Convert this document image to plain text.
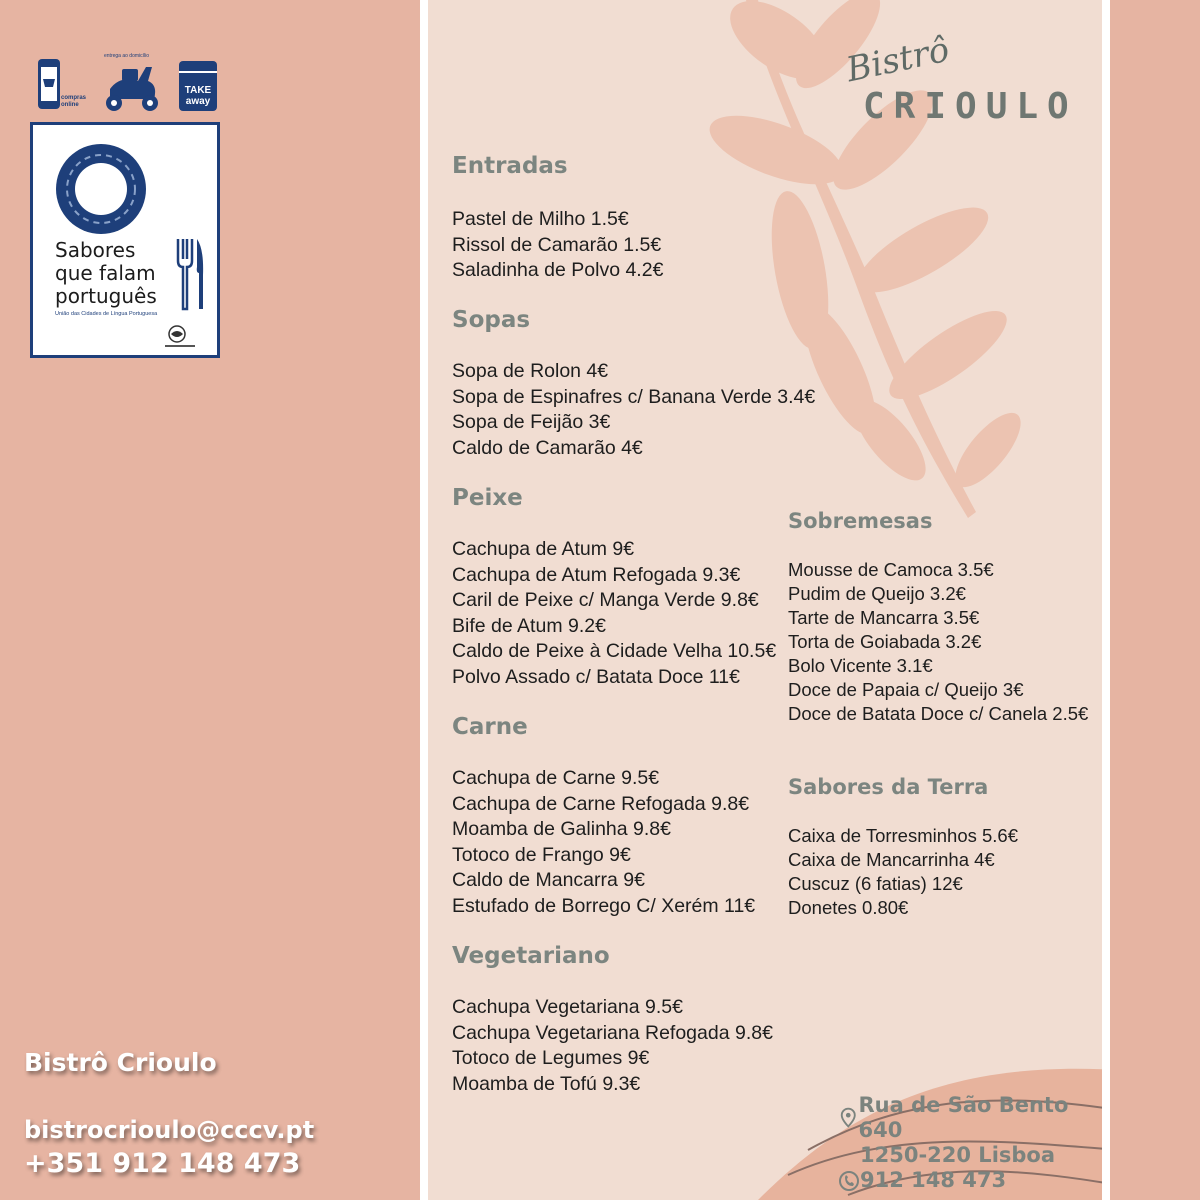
compras online
entrega ao domicílio
TAKE
away
Sabores
que falam
português
União das Cidades de Língua Portuguesa
Bistrô Crioulo
bistrocrioulo@cccv.pt
+351 912 148 473
Bistrô
CRIOULO
Entradas
Pastel de Milho 1.5€
Rissol de Camarão 1.5€
Saladinha de Polvo 4.2€
Sopas
Sopa de Rolon 4€
Sopa de Espinafres c/ Banana Verde 3.4€
Sopa de Feijão 3€
Caldo de Camarão 4€
Peixe
Cachupa de Atum 9€
Cachupa de Atum Refogada 9.3€
Caril de Peixe c/ Manga Verde 9.8€
Bife de Atum 9.2€
Caldo de Peixe à Cidade Velha 10.5€
Polvo Assado c/ Batata Doce 11€
Carne
Cachupa de Carne 9.5€
Cachupa de Carne Refogada 9.8€
Moamba de Galinha 9.8€
Totoco de Frango 9€
Caldo de Mancarra 9€
Estufado de Borrego C/ Xerém 11€
Vegetariano
Cachupa Vegetariana 9.5€
Cachupa Vegetariana Refogada 9.8€
Totoco de Legumes 9€
Moamba de Tofú 9.3€
Sobremesas
Mousse de Camoca 3.5€
Pudim de Queijo 3.2€
Tarte de Mancarra 3.5€
Torta de Goiabada 3.2€
Bolo Vicente 3.1€
Doce de Papaia c/ Queijo 3€
Doce de Batata Doce c/ Canela 2.5€
Sabores da Terra
Caixa de Torresminhos 5.6€
Caixa de Mancarrinha 4€
Cuscuz (6 fatias) 12€
Donetes 0.80€
Rua de São Bento 640
1250-220 Lisboa
912 148 473
